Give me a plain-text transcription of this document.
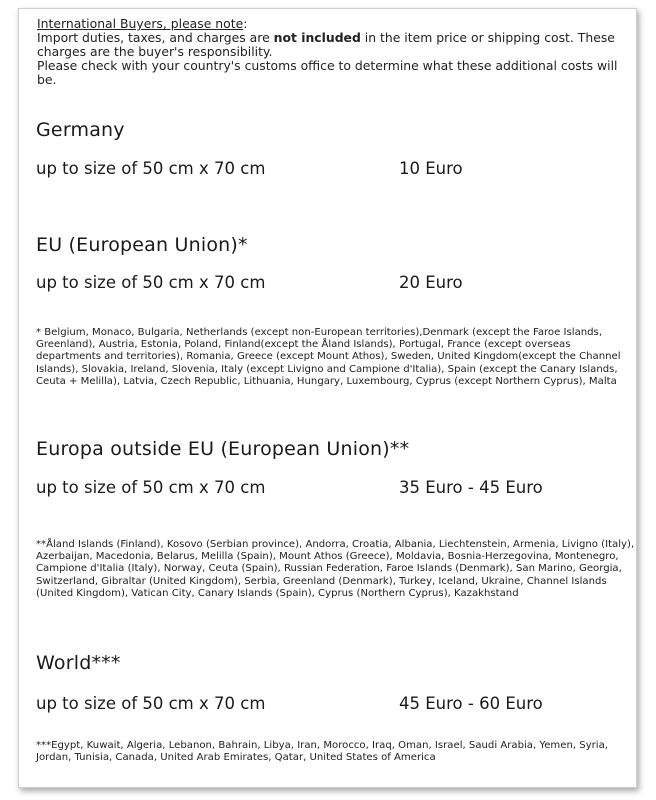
International Buyers, please note:
Import duties, taxes, and charges are not included in the item price or shipping cost. These charges are the buyer's responsibility.
Please check with your country's customs office to determine what these additional costs will be.
Germany
up to size of 50 cm x 70 cm	10 Euro
EU (European Union)*
up to size of 50 cm x 70 cm	20 Euro
* Belgium, Monaco, Bulgaria, Netherlands (except non-European territories),Denmark (except the Faroe Islands, Greenland), Austria, Estonia, Poland, Finland(except the Åland Islands), Portugal, France (except overseas departments and territories), Romania, Greece (except Mount Athos), Sweden, United Kingdom(except the Channel Islands), Slovakia, Ireland, Slovenia, Italy (except Livigno and Campione d'Italia), Spain (except the Canary Islands, Ceuta + Melilla), Latvia, Czech Republic, Lithuania, Hungary, Luxembourg, Cyprus (except Northern Cyprus), Malta
Europa outside EU (European Union)**
up to size of 50 cm x 70 cm	35 Euro - 45 Euro
**Åland Islands (Finland), Kosovo (Serbian province), Andorra, Croatia, Albania, Liechtenstein, Armenia, Livigno (Italy), Azerbaijan, Macedonia, Belarus, Melilla (Spain), Mount Athos (Greece), Moldavia, Bosnia-Herzegovina, Montenegro, Campione d'Italia (Italy), Norway, Ceuta (Spain), Russian Federation, Faroe Islands (Denmark), San Marino, Georgia, Switzerland, Gibraltar (United Kingdom), Serbia, Greenland (Denmark), Turkey, Iceland, Ukraine, Channel Islands (United Kingdom), Vatican City, Canary Islands (Spain), Cyprus (Northern Cyprus), Kazakhstand
World***
up to size of 50 cm x 70 cm	45 Euro - 60 Euro
***Egypt, Kuwait, Algeria, Lebanon, Bahrain, Libya, Iran, Morocco, Iraq, Oman, Israel, Saudi Arabia, Yemen, Syria, Jordan, Tunisia, Canada, United Arab Emirates, Qatar, United States of America
